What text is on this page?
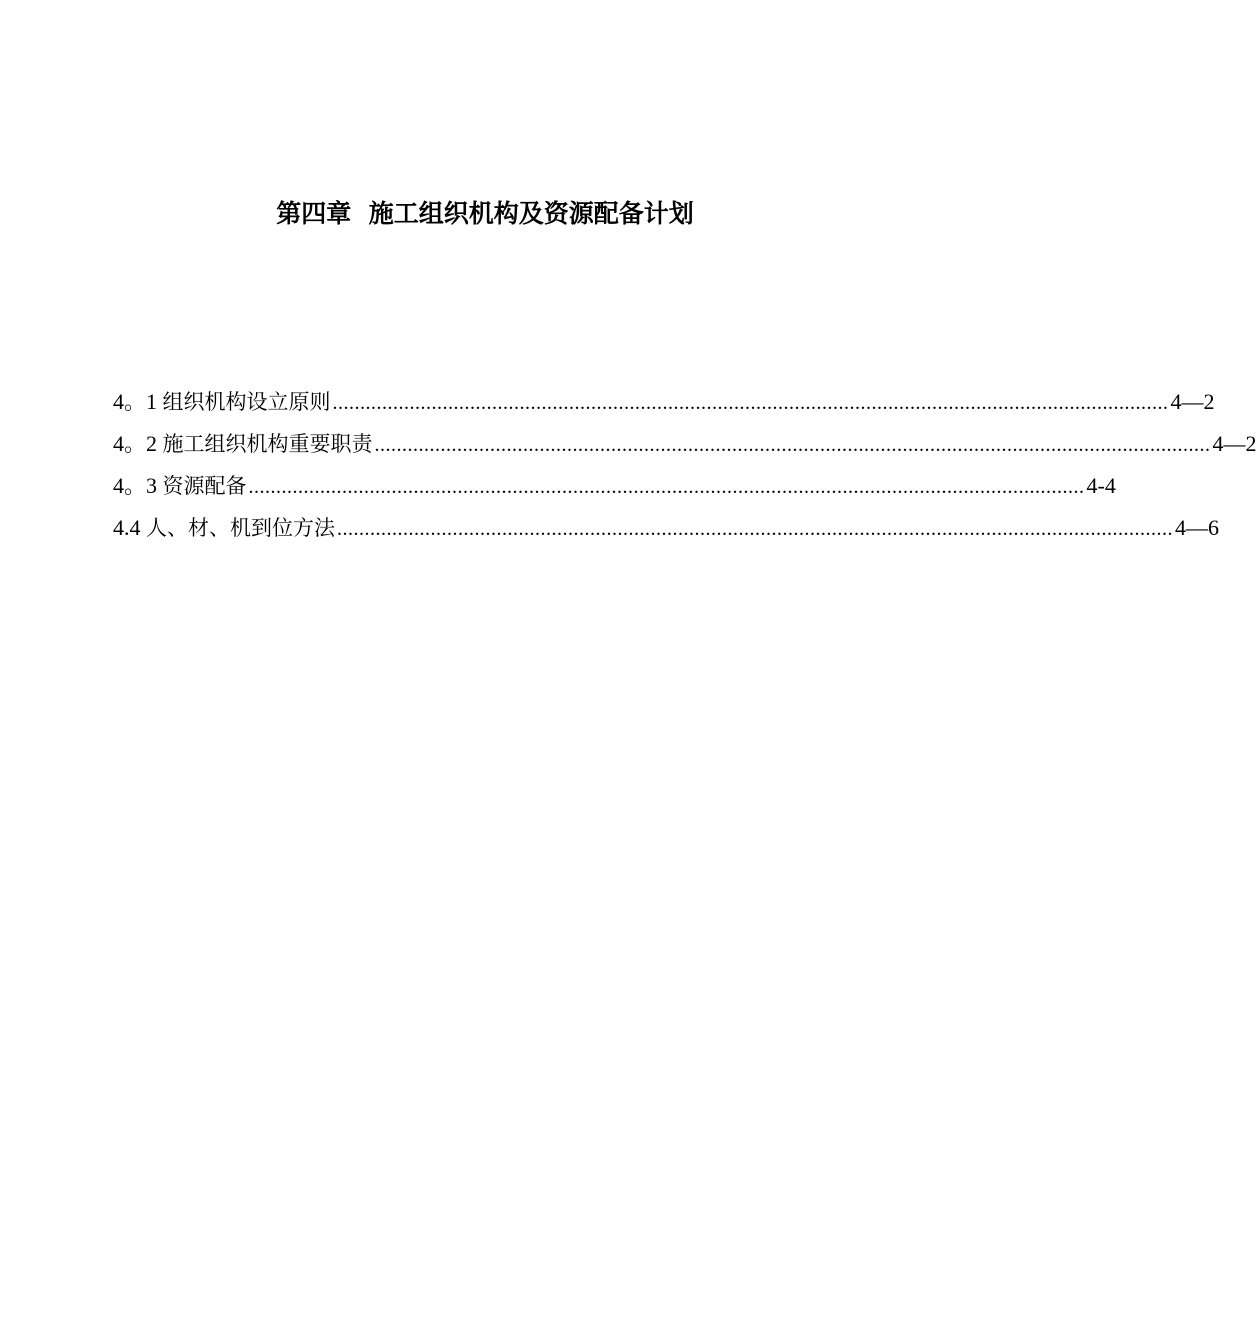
第四章  施工组织机构及资源配备计划
4。1 组织机构设立原则 ........................................................................................................................................................ 4—2
4。2 施工组织机构重要职责 ........................................................................................................................................................ 4—2
4。3 资源配备 ........................................................................................................................................................ 4-4
4.4 人、材、机到位方法 ........................................................................................................................................................ 4—6
